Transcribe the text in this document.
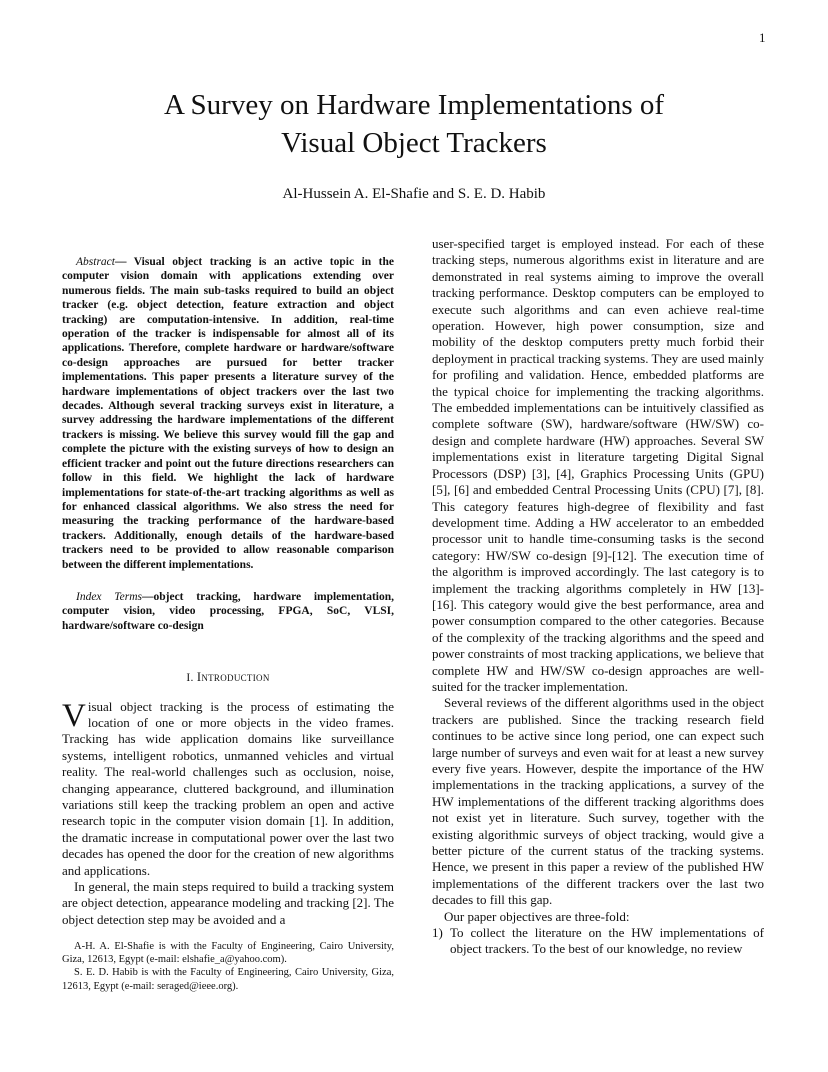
1
A Survey on Hardware Implementations of
Visual Object Trackers
Al-Hussein A. El-Shafie and S. E. D. Habib

Abstract— Visual object tracking is an active topic in the computer vision domain with applications extending over numerous fields. The main sub-tasks required to build an object tracker (e.g. object detection, feature extraction and object tracking) are computation-intensive. In addition, real-time operation of the tracker is indispensable for almost all of its applications. Therefore, complete hardware or hardware/software co-design approaches are pursued for better tracker implementations. This paper presents a literature survey of the hardware implementations of object trackers over the last two decades. Although several tracking surveys exist in literature, a survey addressing the hardware implementations of the different trackers is missing. We believe this survey would fill the gap and complete the picture with the existing surveys of how to design an efficient tracker and point out the future directions researchers can follow in this field. We highlight the lack of hardware implementations for state-of-the-art tracking algorithms as well as for enhanced classical algorithms. We also stress the need for measuring the tracking performance of the hardware-based trackers. Additionally, enough details of the hardware-based trackers need to be provided to allow reasonable comparison between the different implementations.

Index Terms—object tracking, hardware implementation, computer vision, video processing, FPGA, SoC, VLSI, hardware/software co-design

I. Introduction

Visual object tracking is the process of estimating the location of one or more objects in the video frames. Tracking has wide application domains like surveillance systems, intelligent robotics, unmanned vehicles and virtual reality. The real-world challenges such as occlusion, noise, changing appearance, cluttered background, and illumination variations still keep the tracking problem an open and active research topic in the computer vision domain [1]. In addition, the dramatic increase in computational power over the last two decades has opened the door for the creation of new algorithms and applications.

In general, the main steps required to build a tracking system are object detection, appearance modeling and tracking [2]. The object detection step may be avoided and a

A-H. A. El-Shafie is with the Faculty of Engineering, Cairo University, Giza, 12613, Egypt (e-mail: elshafie_a@yahoo.com).

S. E. D. Habib is with the Faculty of Engineering, Cairo University, Giza, 12613, Egypt (e-mail: seraged@ieee.org).

user-specified target is employed instead. For each of these tracking steps, numerous algorithms exist in literature and are demonstrated in real systems aiming to improve the overall tracking performance. Desktop computers can be employed to execute such algorithms and can even achieve real-time operation. However, high power consumption, size and mobility of the desktop computers pretty much forbid their deployment in practical tracking systems. They are used mainly for profiling and validation. Hence, embedded platforms are the typical choice for implementing the tracking algorithms. The embedded implementations can be intuitively classified as complete software (SW), hardware/software (HW/SW) co-design and complete hardware (HW) approaches. Several SW implementations exist in literature targeting Digital Signal Processors (DSP) [3], [4], Graphics Processing Units (GPU) [5], [6] and embedded Central Processing Units (CPU) [7], [8]. This category features high-degree of flexibility and fast development time. Adding a HW accelerator to an embedded processor unit to handle time-consuming tasks is the second category: HW/SW co-design [9]-[12]. The execution time of the algorithm is improved accordingly. The last category is to implement the tracking algorithms completely in HW [13]-[16]. This category would give the best performance, area and power consumption compared to the other categories. Because of the complexity of the tracking algorithms and the speed and power constraints of most tracking applications, we believe that complete HW and HW/SW co-design approaches are well-suited for the tracker implementation.

Several reviews of the different algorithms used in the object trackers are published. Since the tracking research field continues to be active since long period, one can expect such large number of surveys and even wait for at least a new survey every five years. However, despite the importance of the HW implementations in the tracking applications, a survey of the HW implementations of the different tracking algorithms does not exist yet in literature. Such survey, together with the existing algorithmic surveys of object tracking, would give a better picture of the current status of the tracking systems. Hence, we present in this paper a review of the published HW implementations of the different trackers over the last two decades to fill this gap.

Our paper objectives are three-fold:

1) To collect the literature on the HW implementations of object trackers. To the best of our knowledge, no review
